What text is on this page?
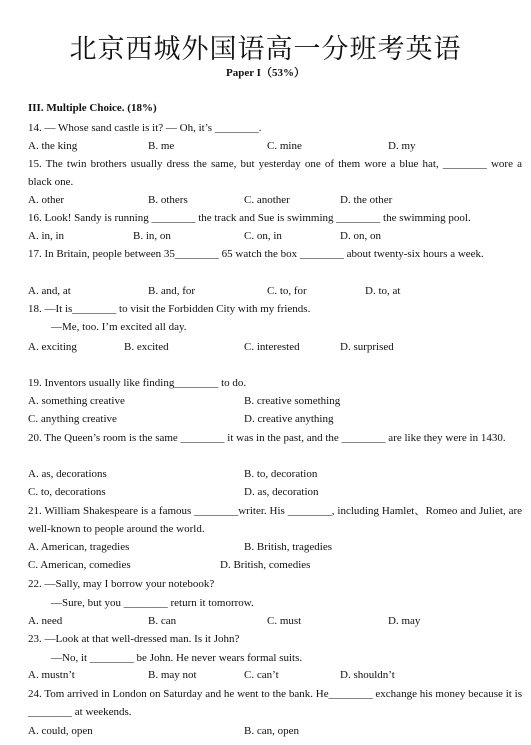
北京西城外国语高一分班考英语
Paper I（53%）
III. Multiple Choice. (18%)
14. — Whose sand castle is it? — Oh, it’s ________.
A. the king	B. me	C. mine	D. my
15. The twin brothers usually dress the same, but yesterday one of them wore a blue hat, ________ wore a black one.
A. other	B. others	C. another	D. the other
16. Look! Sandy is running ________ the track and Sue is swimming ________ the swimming pool.
A. in, in	B. in, on	C. on, in	D. on, on
17. In Britain, people between 35________ 65 watch the box ________ about twenty-six hours a week.
A. and, at	B. and, for	C. to, for	D. to, at
18. —It is________ to visit the Forbidden City with my friends.
—Me, too. I’m excited all day.
A. exciting	B. excited	C. interested	D. surprised
19. Inventors usually like finding________ to do.
A. something creative	B. creative something
C. anything creative	D. creative anything
20. The Queen’s room is the same ________ it was in the past, and the ________ are like they were in 1430.
A. as, decorations	B. to, decoration
C. to, decorations	D. as, decoration
21. William Shakespeare is a famous ________writer. His ________, including Hamlet、Romeo and Juliet, are well-known to people around the world.
A. American, tragedies	B. British, tragedies
C. American, comedies	D. British, comedies
22. —Sally, may I borrow your notebook?
—Sure, but you ________ return it tomorrow.
A. need	B. can	C. must	D. may
23. —Look at that well-dressed man. Is it John?
—No, it ________ be John. He never wears formal suits.
A. mustn’t	B. may not	C. can’t	D. shouldn’t
24. Tom arrived in London on Saturday and he went to the bank. He________ exchange his money because it is ________ at weekends.
A. could, open	B. can, open
